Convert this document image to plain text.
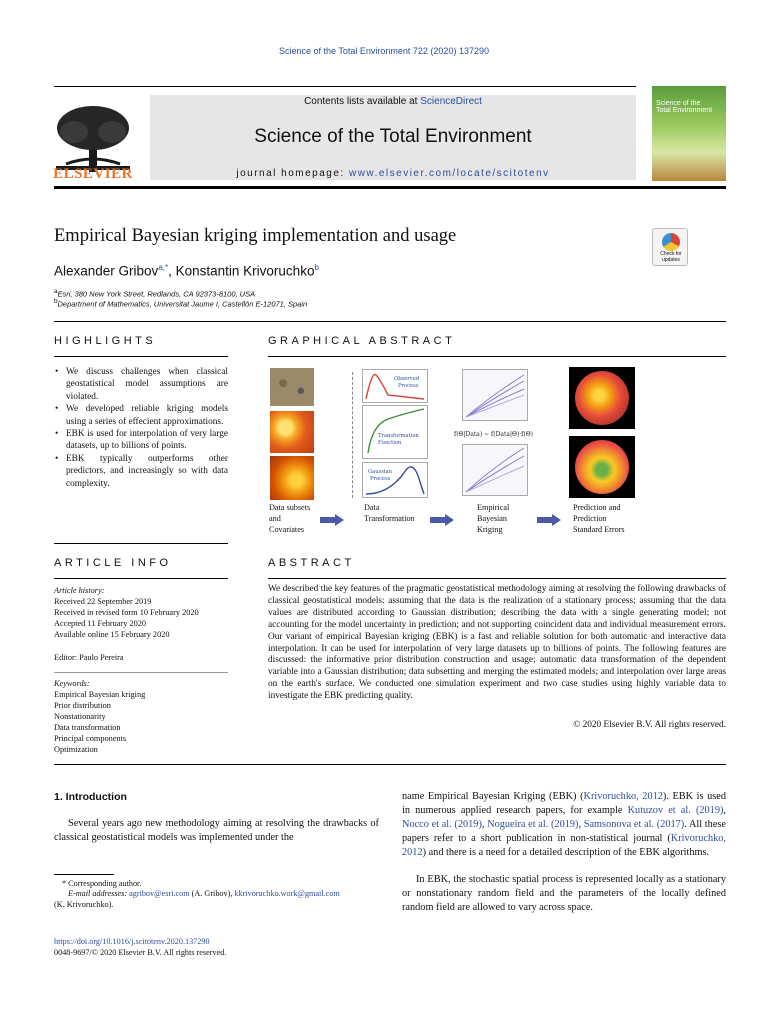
Science of the Total Environment 722 (2020) 137290
ELSEVIER
Contents lists available at ScienceDirect
Science of the Total Environment
journal homepage: www.elsevier.com/locate/scitotenv
Science of the
Total Environment
Empirical Bayesian kriging implementation and usage
Check for updates
Alexander Gribov$^{a,*}$, Konstantin Krivoruchko$^b$
$^a$Esri, 380 New York Street, Redlands, CA 92373-8100, USA
$^b$Department of Mathematics, Universitat Jaume I, Castellón E-12071, Spain
HIGHLIGHTS
• We discuss challenges when classical geostatistical model assumptions are violated.
• We developed reliable kriging models using a series of effecient approximations.
• EBK is used for interpolation of very large datasets, up to billions of points.
• EBK typically outperforms other predictors, and increasingly so with data complexity.
GRAPHICAL ABSTRACT
Observed
Process
Transformation
Function
Gaussian
Process
f(Θ|Data) ~ f(Data|Θ)·f(Θ)
Data subsets
and
Covariates
Data
Transformation
Empirical
Bayesian
Kriging
Prediction and
Prediction
Standard Errors
ARTICLE INFO
Article history:
Received 22 September 2019
Received in revised form 10 February 2020
Accepted 11 February 2020
Available online 15 February 2020
Editor: Paulo Pereira
Keywords:
Empirical Bayesian kriging
Prior distribution
Nonstationarity
Data transformation
Principal components
Optimization
ABSTRACT
We described the key features of the pragmatic geostatistical methodology aiming at resolving the following drawbacks of classical geostatistical models: assuming that the data is the realization of a stationary process; assuming that the data values are distributed according to Gaussian distribution; describing the data with a single generating model; not accounting for the model uncertainty in prediction; and not supporting coincident data and individual measurement errors. Our variant of empirical Bayesian kriging (EBK) is a fast and reliable solution for both automatic and interactive data interpolation. It can be used for interpolation of very large datasets up to billions of points. The following features are discussed: the informative prior distribution construction and usage; automatic data transformation of the dependent variable into a Gaussian distribution; data subsetting and merging the estimated models; and interpolation over large areas on the earth's surface. We conducted one simulation experiment and two case studies using highly variable data to investigate the EBK predicting quality.
© 2020 Elsevier B.V. All rights reserved.
1. Introduction
Several years ago new methodology aiming at resolving the drawbacks of classical geostatistical models was implemented under the
name Empirical Bayesian Kriging (EBK) (Krivoruchko, 2012). EBK is used in numerous applied research papers, for example Kutuzov et al. (2019), Nocco et al. (2019), Nogueira et al. (2019), Samsonova et al. (2017). All these papers refer to a short publication in non-statistical journal (Krivoruchko, 2012) and there is a need for a detailed description of the EBK algorithms.
In EBK, the stochastic spatial process is represented locally as a stationary or nonstationary random field and the parameters of the locally defined random field are allowed to vary across space.
* Corresponding author.
E-mail addresses: agribov@esri.com (A. Gribov), kkrivoruchko.work@gmail.com
(K. Krivoruchko).
https://doi.org/10.1016/j.scitotenv.2020.137290
0048-9697/© 2020 Elsevier B.V. All rights reserved.
